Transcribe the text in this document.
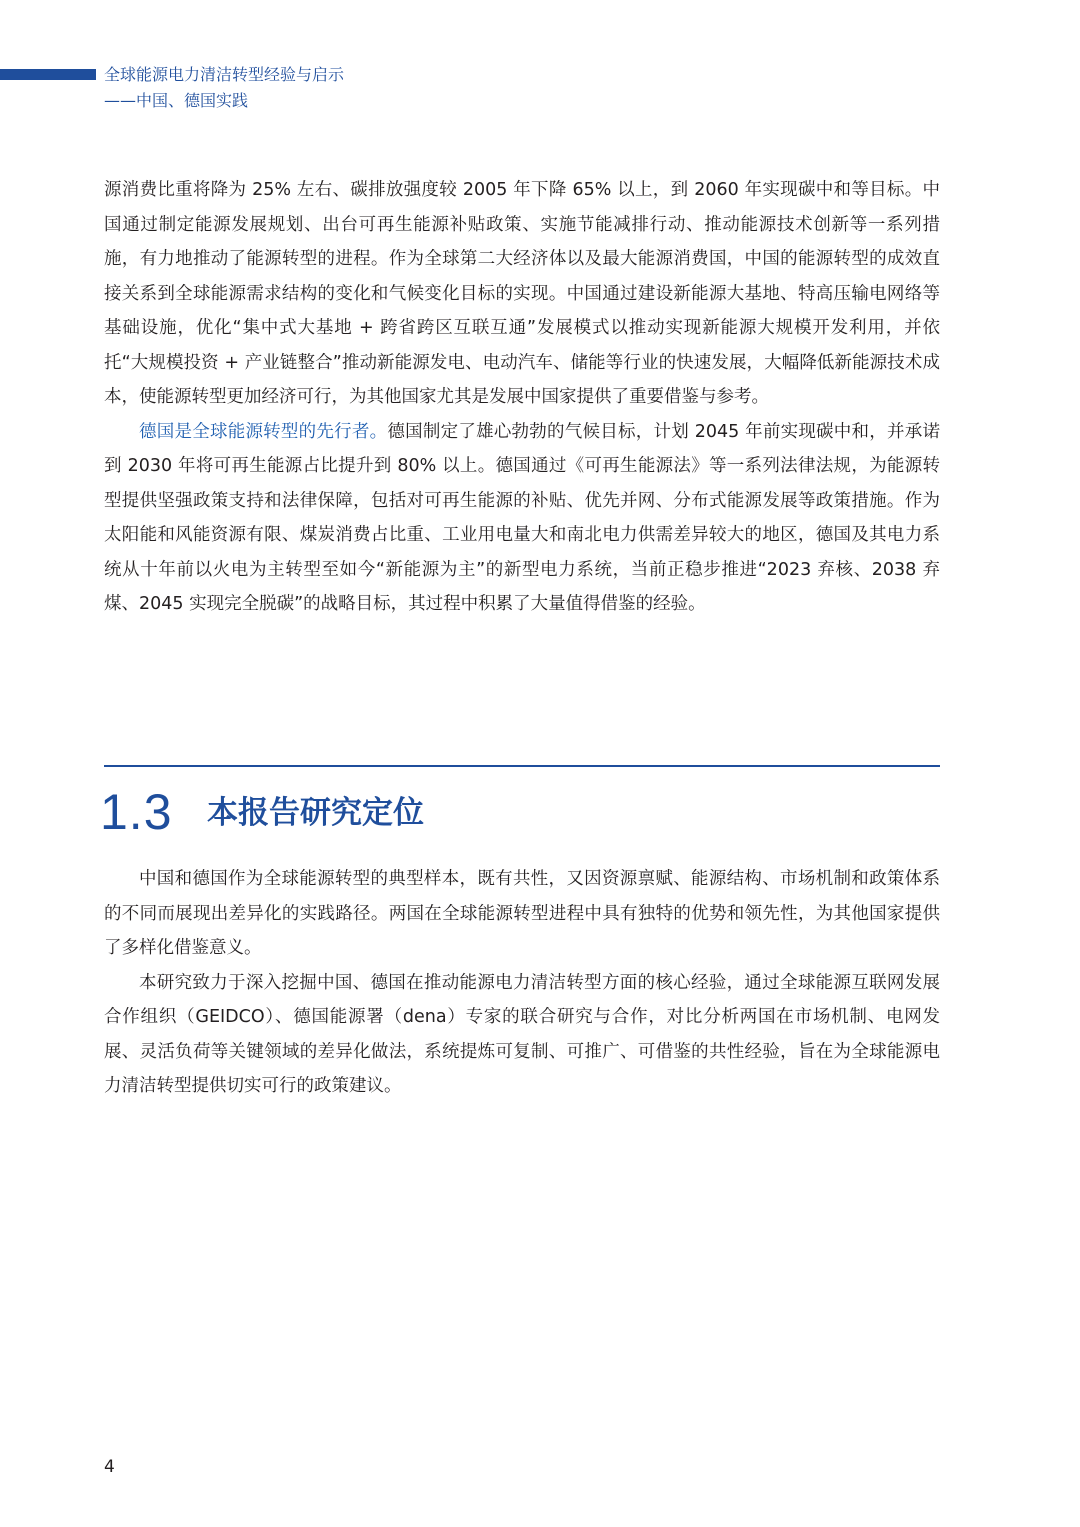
全球能源电力清洁转型经验与启示
——中国、德国实践

源消费比重将降为 25% 左右、碳排放强度较 2005 年下降 65% 以上，到 2060 年实现碳中和等目标。中国通过制定能源发展规划、出台可再生能源补贴政策、实施节能减排行动、推动能源技术创新等一系列措施，有力地推动了能源转型的进程。作为全球第二大经济体以及最大能源消费国，中国的能源转型的成效直接关系到全球能源需求结构的变化和气候变化目标的实现。中国通过建设新能源大基地、特高压输电网络等基础设施，优化“集中式大基地 + 跨省跨区互联互通”发展模式以推动实现新能源大规模开发利用，并依托“大规模投资 + 产业链整合”推动新能源发电、电动汽车、储能等行业的快速发展，大幅降低新能源技术成本，使能源转型更加经济可行，为其他国家尤其是发展中国家提供了重要借鉴与参考。

德国是全球能源转型的先行者。德国制定了雄心勃勃的气候目标，计划 2045 年前实现碳中和，并承诺到 2030 年将可再生能源占比提升到 80% 以上。德国通过《可再生能源法》等一系列法律法规，为能源转型提供坚强政策支持和法律保障，包括对可再生能源的补贴、优先并网、分布式能源发展等政策措施。作为太阳能和风能资源有限、煤炭消费占比重、工业用电量大和南北电力供需差异较大的地区，德国及其电力系统从十年前以火电为主转型至如今“新能源为主”的新型电力系统，当前正稳步推进“2023 弃核、2038 弃煤、2045 实现完全脱碳”的战略目标，其过程中积累了大量值得借鉴的经验。

1.3 本报告研究定位

中国和德国作为全球能源转型的典型样本，既有共性，又因资源禀赋、能源结构、市场机制和政策体系的不同而展现出差异化的实践路径。两国在全球能源转型进程中具有独特的优势和领先性，为其他国家提供了多样化借鉴意义。

本研究致力于深入挖掘中国、德国在推动能源电力清洁转型方面的核心经验，通过全球能源互联网发展合作组织（GEIDCO）、德国能源署（dena）专家的联合研究与合作，对比分析两国在市场机制、电网发展、灵活负荷等关键领域的差异化做法，系统提炼可复制、可推广、可借鉴的共性经验，旨在为全球能源电力清洁转型提供切实可行的政策建议。

4
